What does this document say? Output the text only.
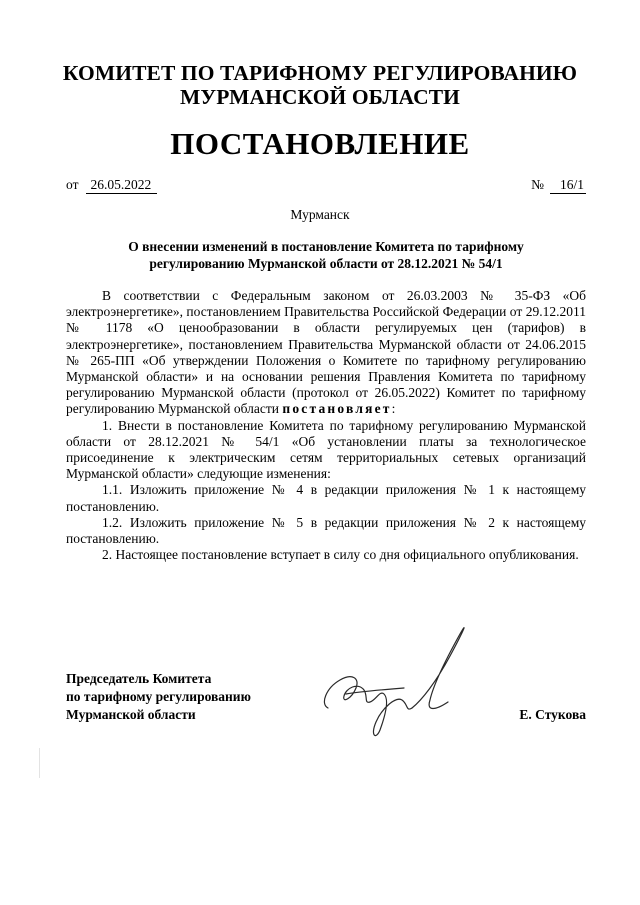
КОМИТЕТ ПО ТАРИФНОМУ РЕГУЛИРОВАНИЮ
МУРМАНСКОЙ ОБЛАСТИ
ПОСТАНОВЛЕНИЕ
от 26.05.2022	№ 16/1
Мурманск
О внесении изменений в постановление Комитета по тарифному
регулированию Мурманской области от 28.12.2021 № 54/1

В соответствии с Федеральным законом от 26.03.2003 № 35-ФЗ «Об электроэнергетике», постановлением Правительства Российской Федерации от 29.12.2011 № 1178 «О ценообразовании в области регулируемых цен (тарифов) в электроэнергетике», постановлением Правительства Мурманской области от 24.06.2015 № 265-ПП «Об утверждении Положения о Комитете по тарифному регулированию Мурманской области» и на основании решения Правления Комитета по тарифному регулированию Мурманской области (протокол от 26.05.2022) Комитет по тарифному регулированию Мурманской области постановляет:

1. Внести в постановление Комитета по тарифному регулированию Мурманской области от 28.12.2021 № 54/1 «Об установлении платы за технологическое присоединение к электрическим сетям территориальных сетевых организаций Мурманской области» следующие изменения:

1.1. Изложить приложение № 4 в редакции приложения № 1 к настоящему постановлению.

1.2. Изложить приложение № 5 в редакции приложения № 2 к настоящему постановлению.

2. Настоящее постановление вступает в силу со дня официального опубликования.

Председатель Комитета
по тарифному регулированию
Мурманской области	Е. Стукова
